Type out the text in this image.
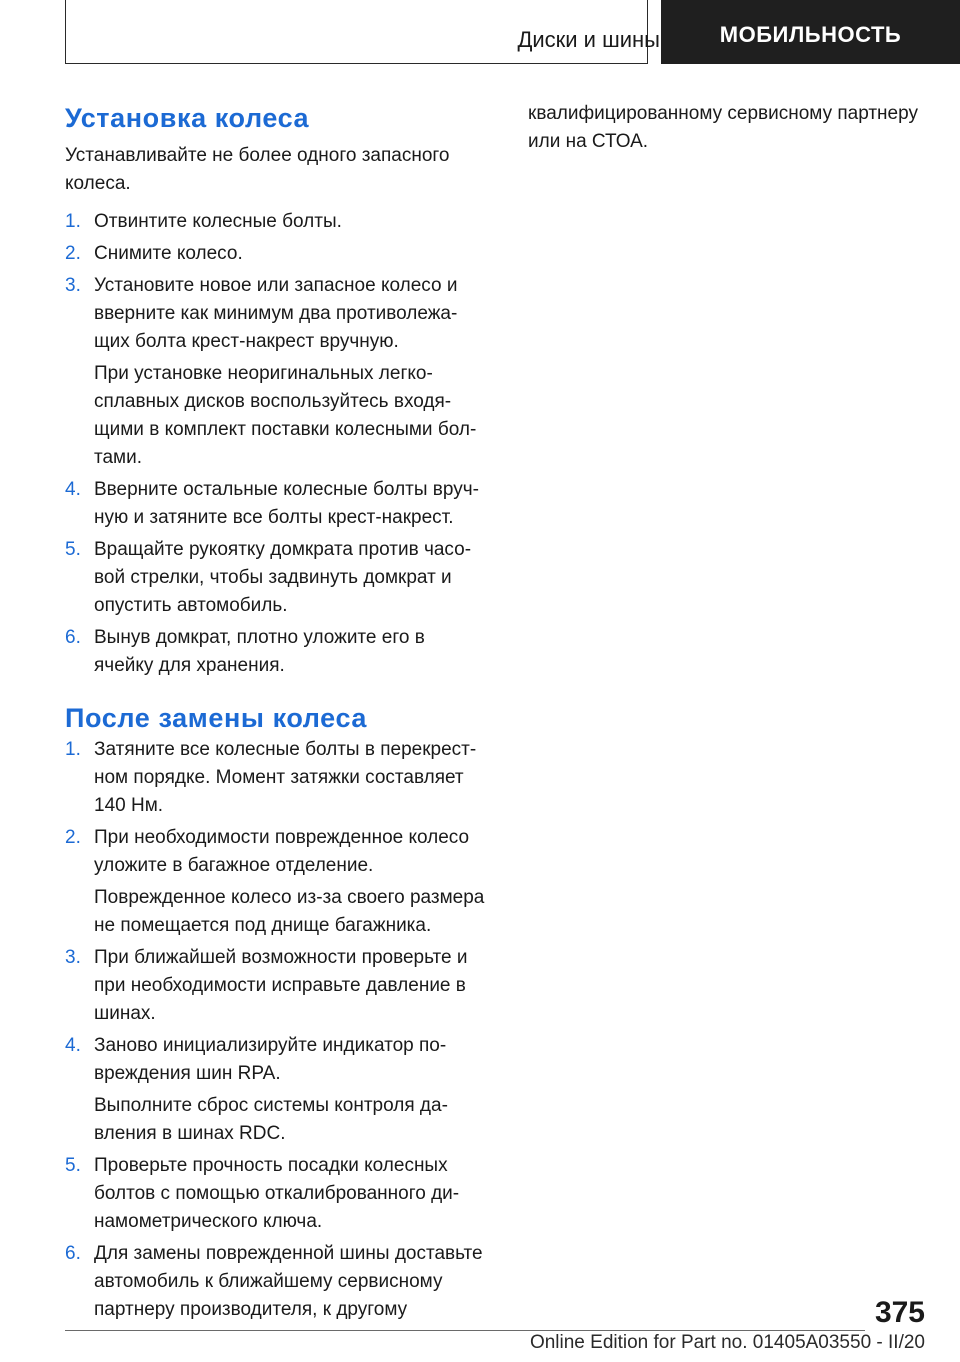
Диски и шины	МОБИЛЬНОСТЬ
Установка колеса

Устанавливайте не более одного запасного колеса.

1. Отвинтите колесные болты.

2. Снимите колесо.

3. Установите новое или запасное колесо и вверните как минимум два противолежащих болта крест-накрест вручную.

При установке неоригинальных легкосплавных дисков воспользуйтесь входящими в комплект поставки колесными болтами.

4. Вверните остальные колесные болты вручную и затяните все болты крест-накрест.

5. Вращайте рукоятку домкрата против часовой стрелки, чтобы задвинуть домкрат и опустить автомобиль.

6. Вынув домкрат, плотно уложите его в ячейку для хранения.

После замены колеса
1. Затяните все колесные болты в перекрестном порядке. Момент затяжки составляет 140 Нм.

2. При необходимости поврежденное колесо уложите в багажное отделение.

Поврежденное колесо из-за своего размера не помещается под днище багажника.

3. При ближайшей возможности проверьте и при необходимости исправьте давление в шинах.

4. Заново инициализируйте индикатор повреждения шин RPA.

Выполните сброс системы контроля давления в шинах RDC.

5. Проверьте прочность посадки колесных болтов с помощью откалиброванного динамометрического ключа.

6. Для замены поврежденной шины доставьте автомобиль к ближайшему сервисному партнеру производителя, к другому

квалифицированному сервисному партнеру или на СТОА.

375
Online Edition for Part no. 01405A03550 - II/20
